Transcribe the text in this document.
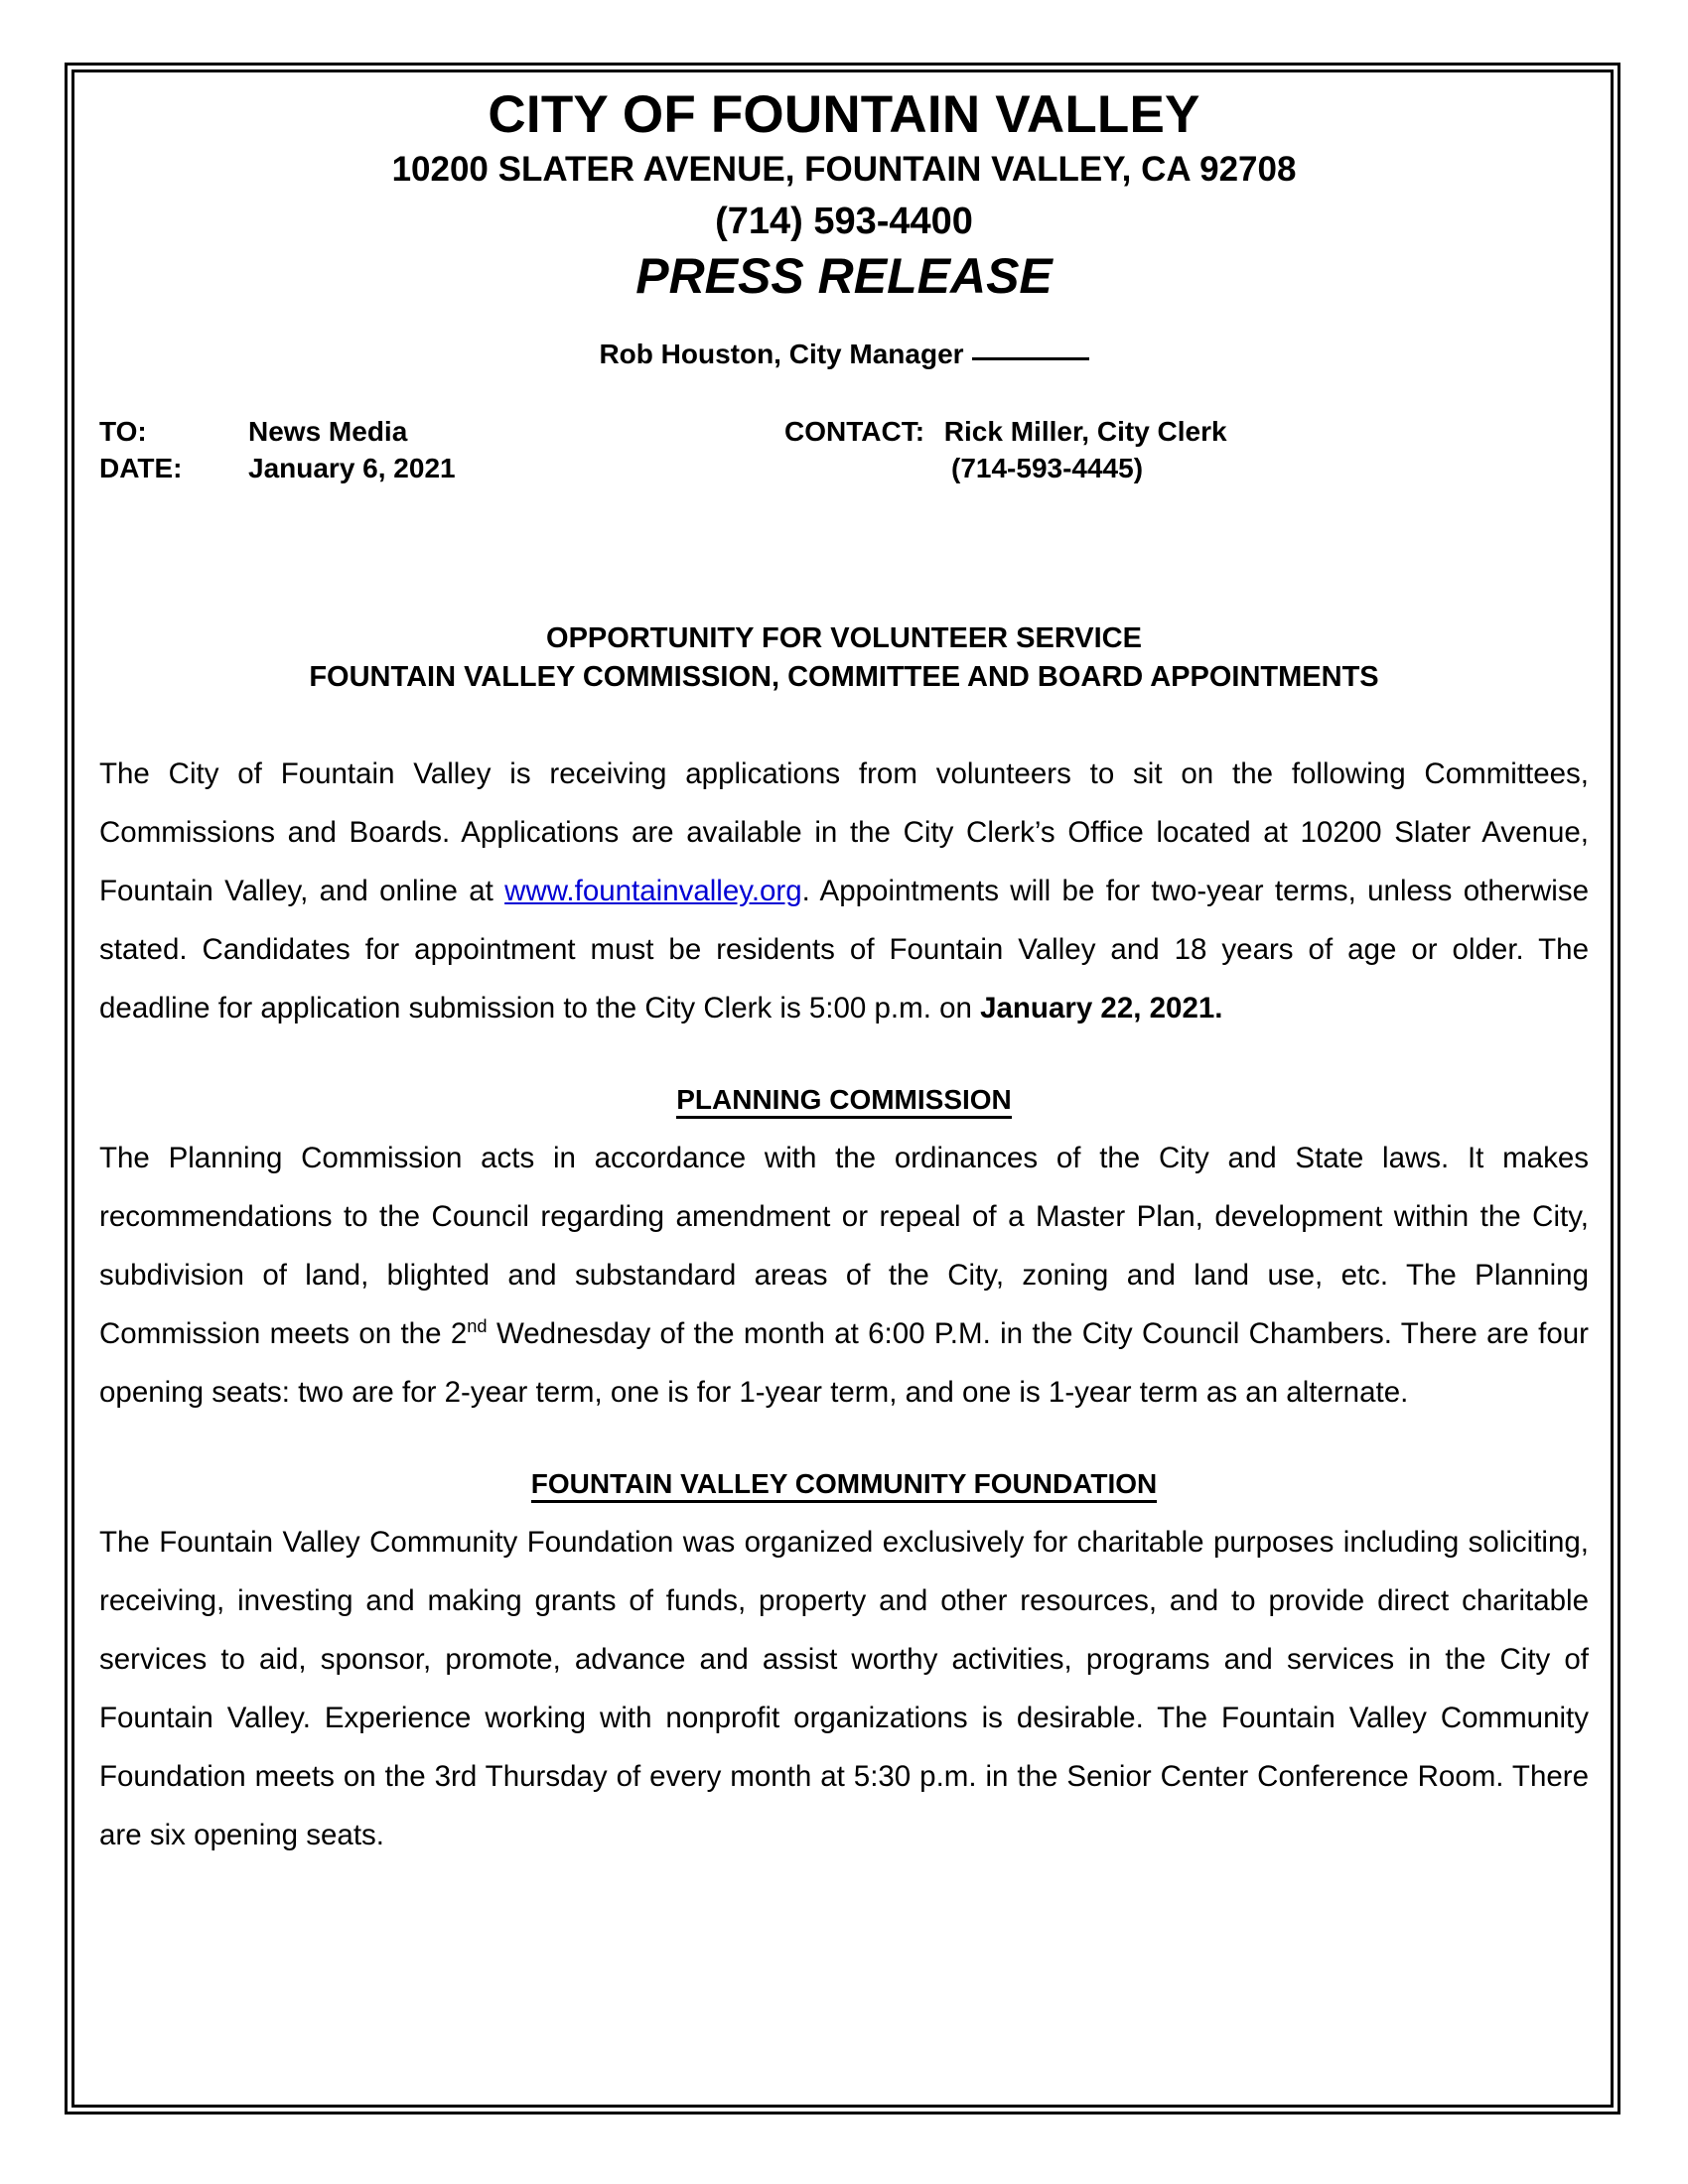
CITY OF FOUNTAIN VALLEY
10200 SLATER AVENUE, FOUNTAIN VALLEY, CA 92708
(714) 593-4400
PRESS RELEASE
Rob Houston, City Manager
TO:	News Media
DATE:	January 6, 2021
CONTACT: Rick Miller, City Clerk
(714-593-4445)
OPPORTUNITY FOR VOLUNTEER SERVICE
FOUNTAIN VALLEY COMMISSION, COMMITTEE AND BOARD APPOINTMENTS

The City of Fountain Valley is receiving applications from volunteers to sit on the following Committees, Commissions and Boards. Applications are available in the City Clerk’s Office located at 10200 Slater Avenue, Fountain Valley, and online at www.fountainvalley.org. Appointments will be for two-year terms, unless otherwise stated. Candidates for appointment must be residents of Fountain Valley and 18 years of age or older. The deadline for application submission to the City Clerk is 5:00 p.m. on January 22, 2021.

PLANNING COMMISSION

The Planning Commission acts in accordance with the ordinances of the City and State laws. It makes recommendations to the Council regarding amendment or repeal of a Master Plan, development within the City, subdivision of land, blighted and substandard areas of the City, zoning and land use, etc. The Planning Commission meets on the 2nd Wednesday of the month at 6:00 P.M. in the City Council Chambers. There are four opening seats: two are for 2-year term, one is for 1-year term, and one is 1-year term as an alternate.

FOUNTAIN VALLEY COMMUNITY FOUNDATION

The Fountain Valley Community Foundation was organized exclusively for charitable purposes including soliciting, receiving, investing and making grants of funds, property and other resources, and to provide direct charitable services to aid, sponsor, promote, advance and assist worthy activities, programs and services in the City of Fountain Valley. Experience working with nonprofit organizations is desirable. The Fountain Valley Community Foundation meets on the 3rd Thursday of every month at 5:30 p.m. in the Senior Center Conference Room. There are six opening seats.
